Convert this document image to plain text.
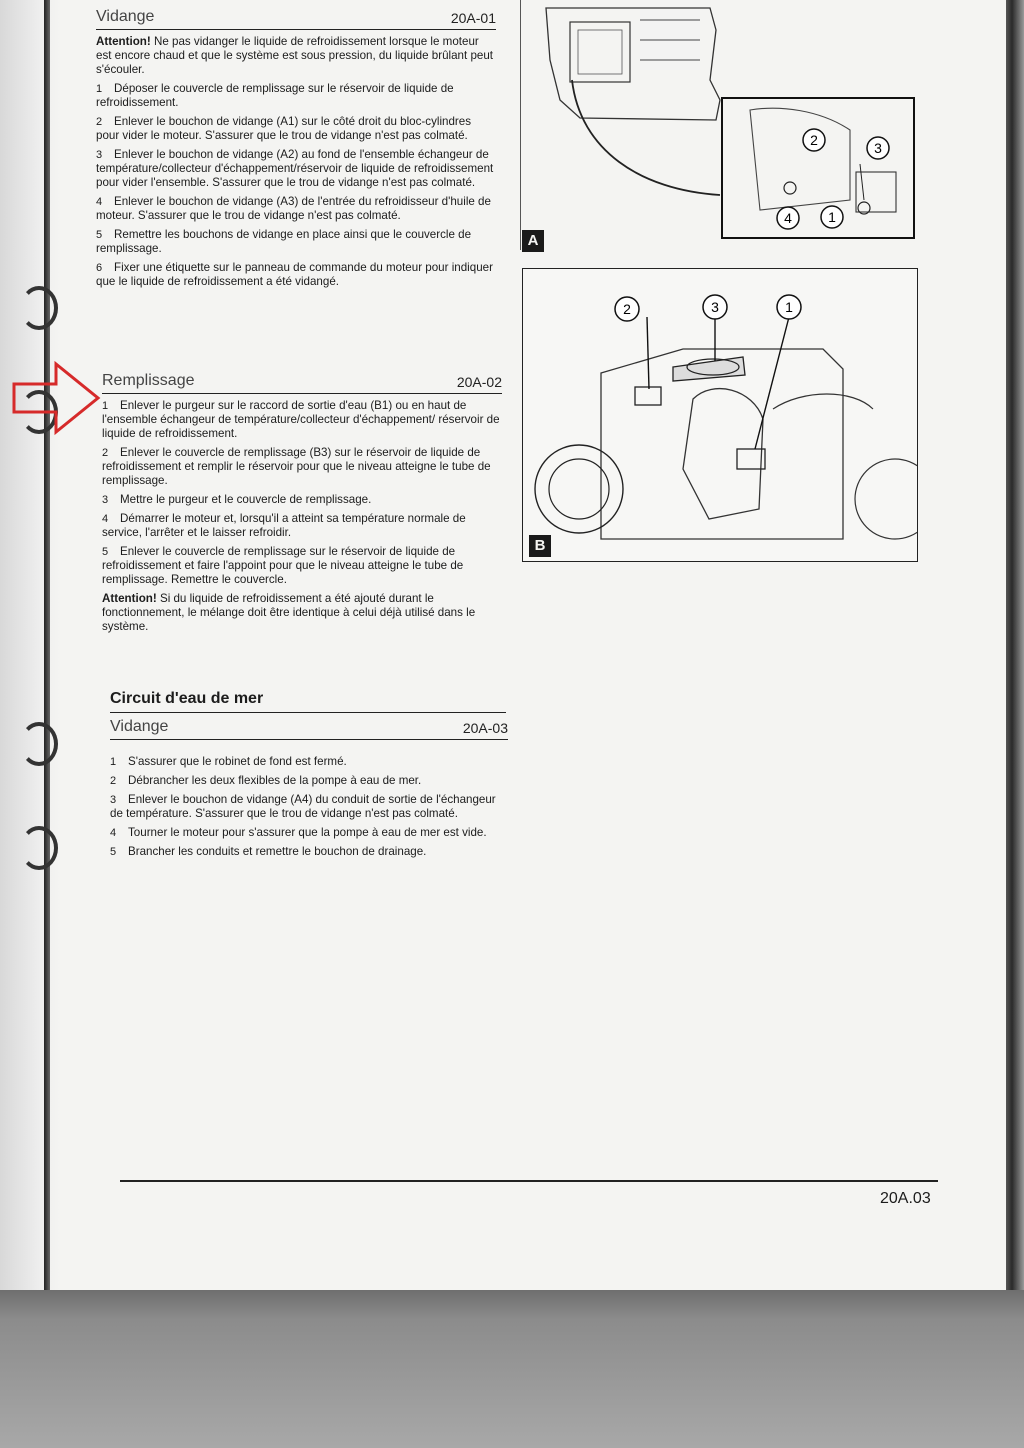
Vidange	20A-01

Attention! Ne pas vidanger le liquide de refroidissement lorsque le moteur est encore chaud et que le système est sous pression, du liquide brûlant peut s'écouler.

1 Déposer le couvercle de remplissage sur le réservoir de liquide de refroidissement.

2 Enlever le bouchon de vidange (A1) sur le côté droit du bloc-cylindres pour vider le moteur. S'assurer que le trou de vidange n'est pas colmaté.

3 Enlever le bouchon de vidange (A2) au fond de l'ensemble échangeur de température/collecteur d'échappement/réservoir de liquide de refroidissement pour vider l'ensemble. S'assurer que le trou de vidange n'est pas colmaté.

4 Enlever le bouchon de vidange (A3) de l'entrée du refroidisseur d'huile de moteur. S'assurer que le trou de vidange n'est pas colmaté.

5 Remettre les bouchons de vidange en place ainsi que le couvercle de remplissage.

6 Fixer une étiquette sur le panneau de commande du moteur pour indiquer que le liquide de refroidissement a été vidangé.

Remplissage	20A-02

1 Enlever le purgeur sur le raccord de sortie d'eau (B1) ou en haut de l'ensemble échangeur de température/collecteur d'échappement/ réservoir de liquide de refroidissement.

2 Enlever le couvercle de remplissage (B3) sur le réservoir de liquide de refroidissement et remplir le réservoir pour que le niveau atteigne le tube de remplissage.

3 Mettre le purgeur et le couvercle de remplissage.

4 Démarrer le moteur et, lorsqu'il a atteint sa température normale de service, l'arrêter et le laisser refroidir.

5 Enlever le couvercle de remplissage sur le réservoir de liquide de refroidissement et faire l'appoint pour que le niveau atteigne le tube de remplissage. Remettre le couvercle.

Attention! Si du liquide de refroidissement a été ajouté durant le fonctionnement, le mélange doit être identique à celui déjà utilisé dans le système.

Circuit d'eau de mer
Vidange	20A-03

1 S'assurer que le robinet de fond est fermé.

2 Débrancher les deux flexibles de la pompe à eau de mer.

3 Enlever le bouchon de vidange (A4) du conduit de sortie de l'échangeur de température. S'assurer que le trou de vidange n'est pas colmaté.

4 Tourner le moteur pour s'assurer que la pompe à eau de mer est vide.

5 Brancher les conduits et remettre le bouchon de drainage.

A
2	3
4	1
2	3	1
B
20A.03
